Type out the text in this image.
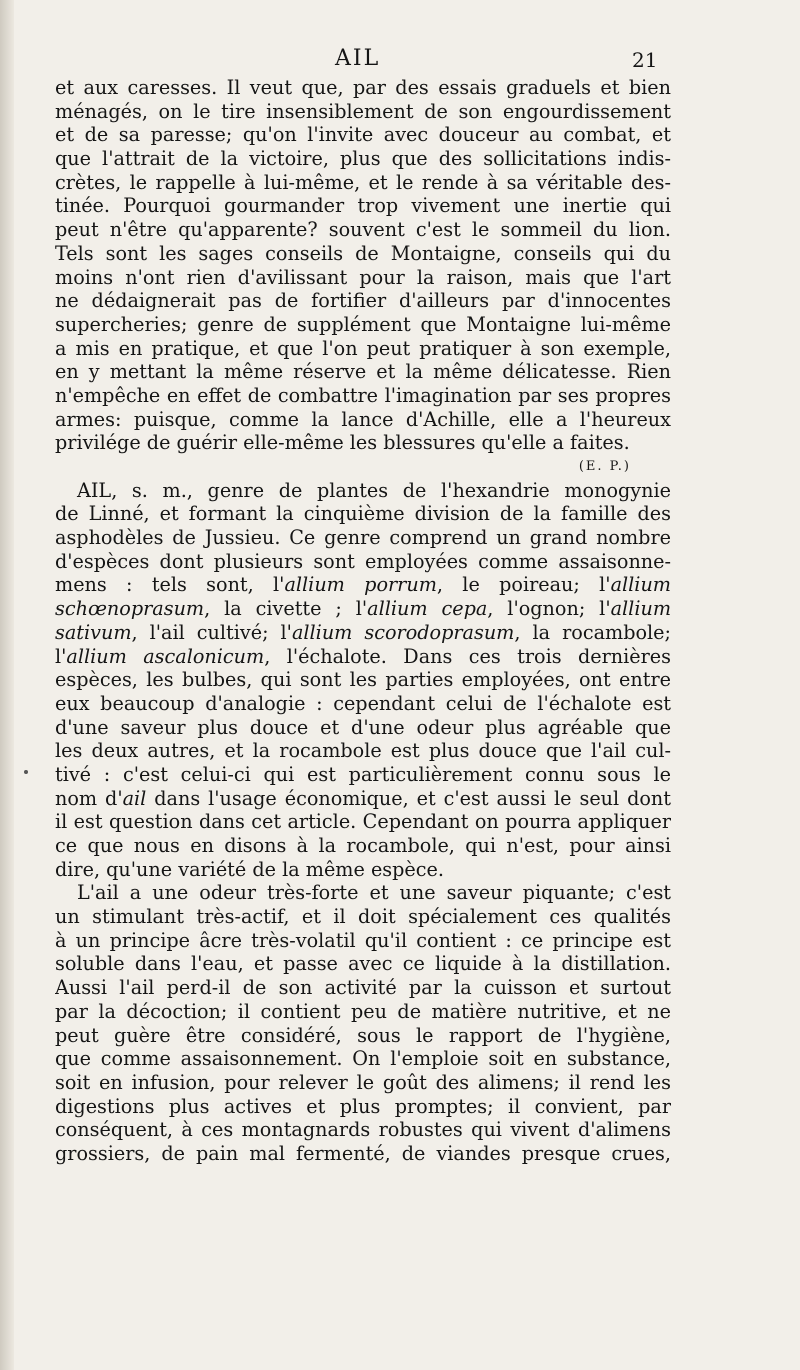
AIL	21
et aux caresses. Il veut que, par des essais graduels et bien
ménagés, on le tire insensiblement de son engourdissement
et de sa paresse; qu'on l'invite avec douceur au combat, et
que l'attrait de la victoire, plus que des sollicitations indis-
crètes, le rappelle à lui-même, et le rende à sa véritable des-
tinée. Pourquoi gourmander trop vivement une inertie qui
peut n'être qu'apparente? souvent c'est le sommeil du lion.
Tels sont les sages conseils de Montaigne, conseils qui du
moins n'ont rien d'avilissant pour la raison, mais que l'art
ne dédaignerait pas de fortifier d'ailleurs par d'innocentes
supercheries; genre de supplément que Montaigne lui-même
a mis en pratique, et que l'on peut pratiquer à son exemple,
en y mettant la même réserve et la même délicatesse. Rien
n'empêche en effet de combattre l'imagination par ses propres
armes: puisque, comme la lance d'Achille, elle a l'heureux
privilége de guérir elle-même les blessures qu'elle a faites.
(E. P.)
AIL, s. m., genre de plantes de l'hexandrie monogynie
de Linné, et formant la cinquième division de la famille des
asphodèles de Jussieu. Ce genre comprend un grand nombre
d'espèces dont plusieurs sont employées comme assaisonne-
mens : tels sont, l'allium porrum, le poireau; l'allium
schœnoprasum, la civette ; l'allium cepa, l'ognon; l'allium
sativum, l'ail cultivé; l'allium scorodoprasum, la rocambole;
l'allium ascalonicum, l'échalote. Dans ces trois dernières
espèces, les bulbes, qui sont les parties employées, ont entre
eux beaucoup d'analogie : cependant celui de l'échalote est
d'une saveur plus douce et d'une odeur plus agréable que
les deux autres, et la rocambole est plus douce que l'ail cul-
tivé : c'est celui-ci qui est particulièrement connu sous le
nom d'ail dans l'usage économique, et c'est aussi le seul dont
il est question dans cet article. Cependant on pourra appliquer
ce que nous en disons à la rocambole, qui n'est, pour ainsi
dire, qu'une variété de la même espèce.
L'ail a une odeur très-forte et une saveur piquante; c'est
un stimulant très-actif, et il doit spécialement ces qualités
à un principe âcre très-volatil qu'il contient : ce principe est
soluble dans l'eau, et passe avec ce liquide à la distillation.
Aussi l'ail perd-il de son activité par la cuisson et surtout
par la décoction; il contient peu de matière nutritive, et ne
peut guère être considéré, sous le rapport de l'hygiène,
que comme assaisonnement. On l'emploie soit en substance,
soit en infusion, pour relever le goût des alimens; il rend les
digestions plus actives et plus promptes; il convient, par
conséquent, à ces montagnards robustes qui vivent d'alimens
grossiers, de pain mal fermenté, de viandes presque crues,
